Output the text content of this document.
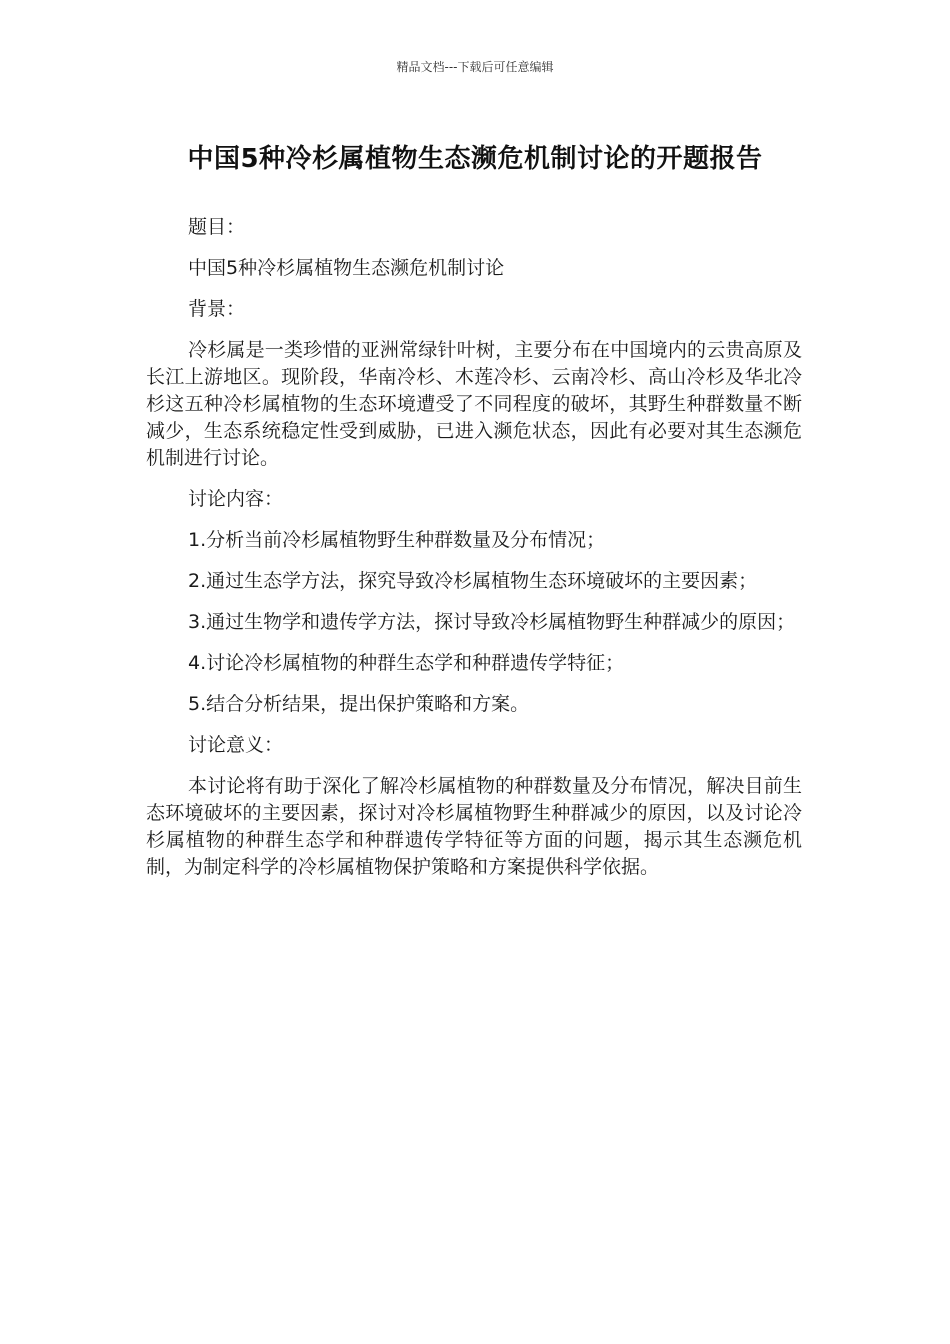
精品文档---下载后可任意编辑
中国5种冷杉属植物生态濒危机制讨论的开题报告

题目：

中国5种冷杉属植物生态濒危机制讨论

背景：

冷杉属是一类珍惜的亚洲常绿针叶树，主要分布在中国境内的云贵高原及长江上游地区。现阶段，华南冷杉、木莲冷杉、云南冷杉、高山冷杉及华北冷杉这五种冷杉属植物的生态环境遭受了不同程度的破坏，其野生种群数量不断减少，生态系统稳定性受到威胁，已进入濒危状态，因此有必要对其生态濒危机制进行讨论。

讨论内容：

1.分析当前冷杉属植物野生种群数量及分布情况；

2.通过生态学方法，探究导致冷杉属植物生态环境破坏的主要因素；

3.通过生物学和遗传学方法，探讨导致冷杉属植物野生种群减少的原因；

4.讨论冷杉属植物的种群生态学和种群遗传学特征；

5.结合分析结果，提出保护策略和方案。

讨论意义：

本讨论将有助于深化了解冷杉属植物的种群数量及分布情况，解决目前生态环境破坏的主要因素，探讨对冷杉属植物野生种群减少的原因，以及讨论冷杉属植物的种群生态学和种群遗传学特征等方面的问题，揭示其生态濒危机制，为制定科学的冷杉属植物保护策略和方案提供科学依据。
